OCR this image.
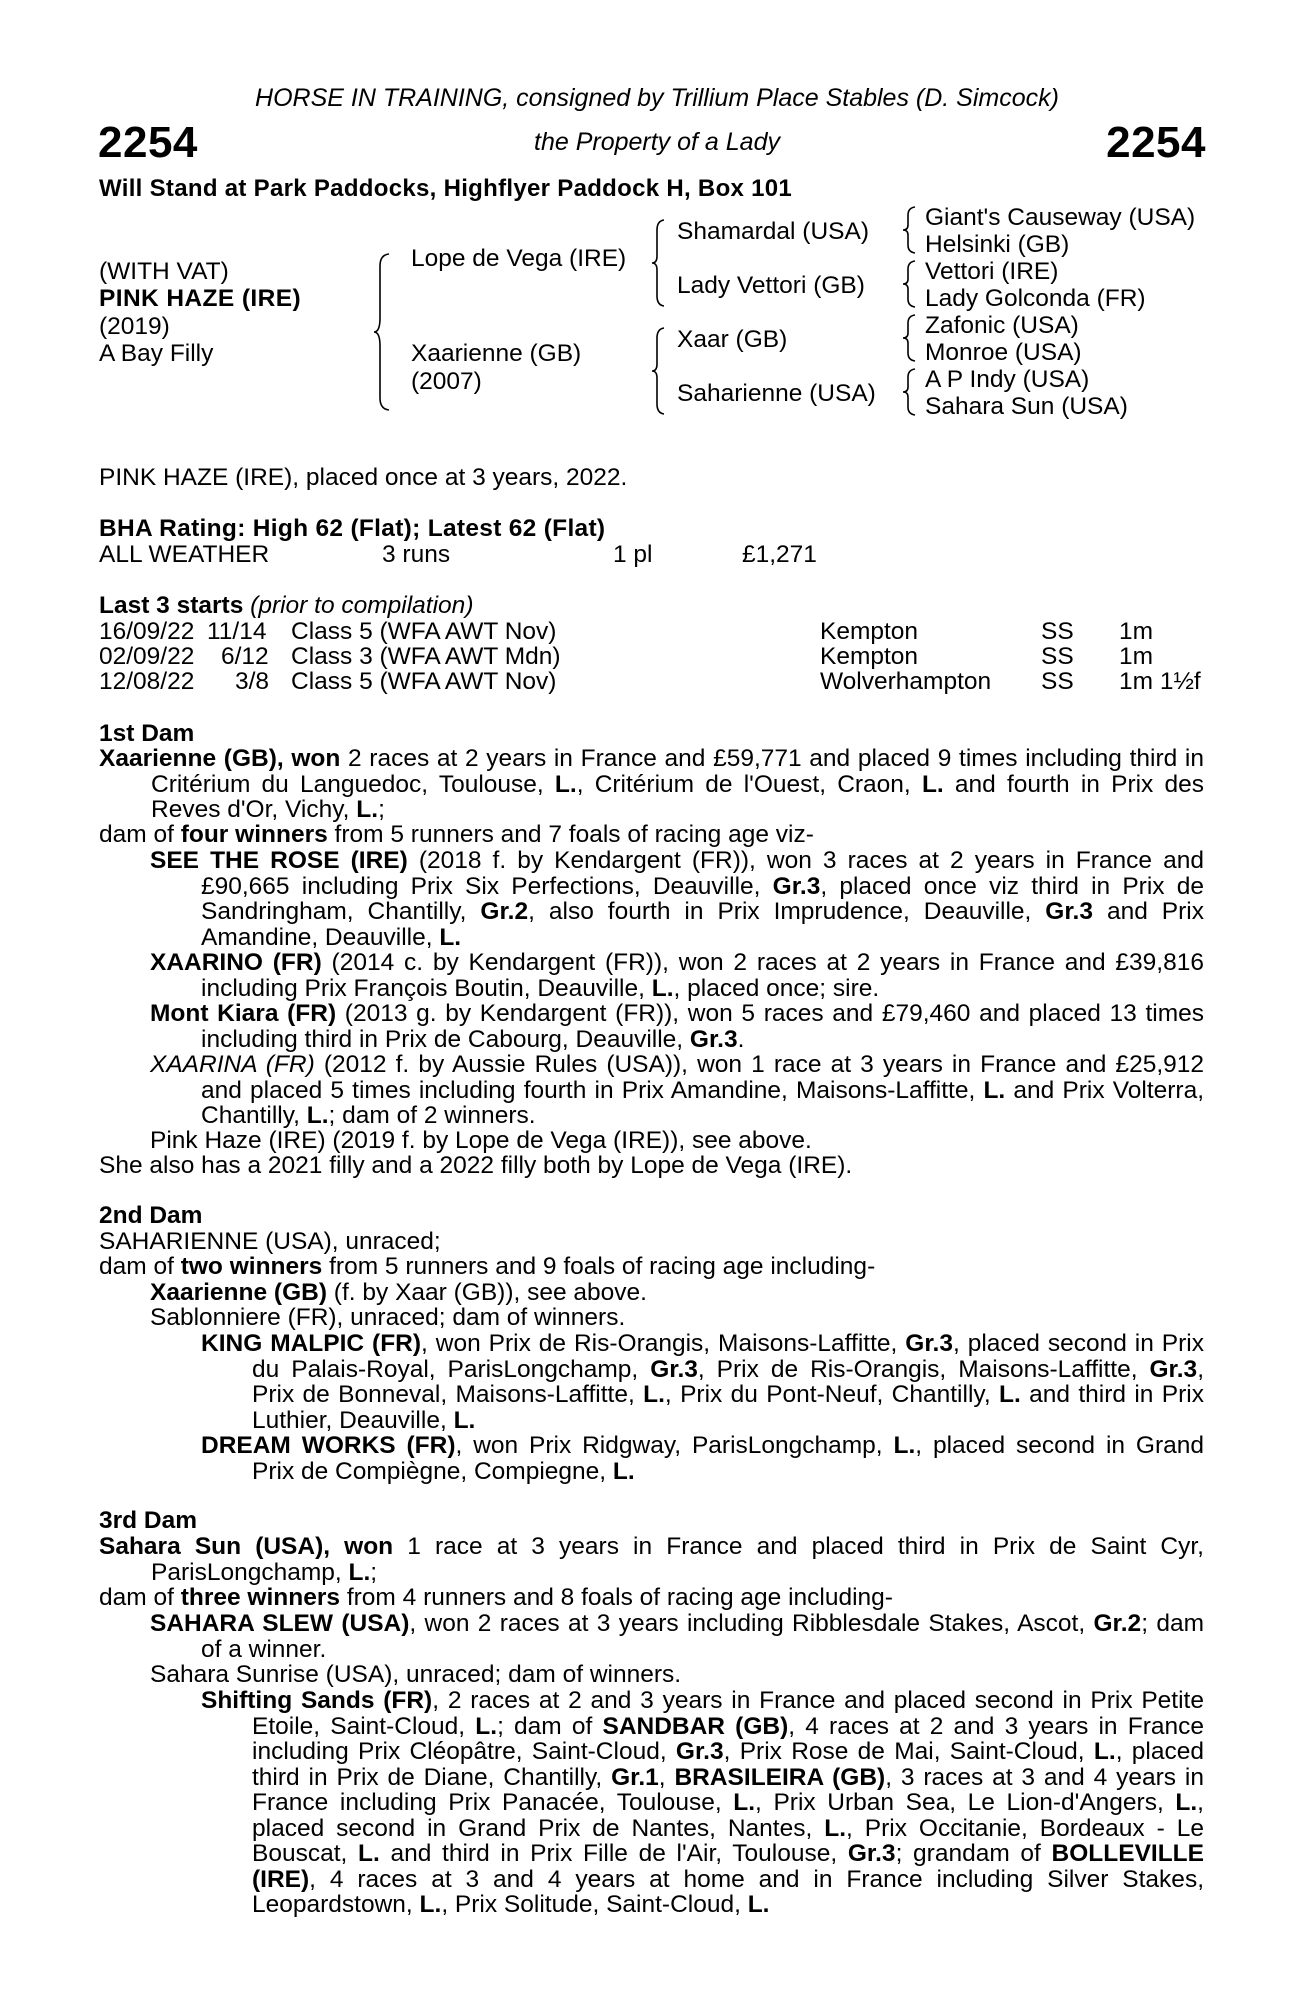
HORSE IN TRAINING, consigned by Trillium Place Stables (D. Simcock)
2254	the Property of a Lady	2254
Will Stand at Park Paddocks, Highflyer Paddock H, Box 101
(WITH VAT)
PINK HAZE (IRE)
(2019)
A Bay Filly
Lope de Vega (IRE)
Xaarienne (GB)
(2007)
Shamardal (USA)
Lady Vettori (GB)
Xaar (GB)
Saharienne (USA)
Giant's Causeway (USA)
Helsinki (GB)
Vettori (IRE)
Lady Golconda (FR)
Zafonic (USA)
Monroe (USA)
A P Indy (USA)
Sahara Sun (USA)
PINK HAZE (IRE), placed once at 3 years, 2022.
BHA Rating: High 62 (Flat); Latest 62 (Flat)
ALL WEATHER	3 runs	1 pl	£1,271
Last 3 starts (prior to compilation)
16/09/22 11/14 Class 5 (WFA AWT Nov)	Kempton	SS 1m
02/09/22 6/12 Class 3 (WFA AWT Mdn)	Kempton	SS 1m
12/08/22 3/8 Class 5 (WFA AWT Nov)	Wolverhampton SS 1m 1½f
1st Dam
Xaarienne (GB), won 2 races at 2 years in France and £59,771 and placed 9 times including third in Critérium du Languedoc, Toulouse, L., Critérium de l'Ouest, Craon, L. and fourth in Prix des Reves d'Or, Vichy, L.;
dam of four winners from 5 runners and 7 foals of racing age viz-
SEE THE ROSE (IRE) (2018 f. by Kendargent (FR)), won 3 races at 2 years in France and £90,665 including Prix Six Perfections, Deauville, Gr.3, placed once viz third in Prix de Sandringham, Chantilly, Gr.2, also fourth in Prix Imprudence, Deauville, Gr.3 and Prix Amandine, Deauville, L.
XAARINO (FR) (2014 c. by Kendargent (FR)), won 2 races at 2 years in France and £39,816 including Prix François Boutin, Deauville, L., placed once; sire.
Mont Kiara (FR) (2013 g. by Kendargent (FR)), won 5 races and £79,460 and placed 13 times including third in Prix de Cabourg, Deauville, Gr.3.
XAARINA (FR) (2012 f. by Aussie Rules (USA)), won 1 race at 3 years in France and £25,912 and placed 5 times including fourth in Prix Amandine, Maisons-Laffitte, L. and Prix Volterra, Chantilly, L.; dam of 2 winners.
Pink Haze (IRE) (2019 f. by Lope de Vega (IRE)), see above.
She also has a 2021 filly and a 2022 filly both by Lope de Vega (IRE).
2nd Dam
SAHARIENNE (USA), unraced;
dam of two winners from 5 runners and 9 foals of racing age including-
Xaarienne (GB) (f. by Xaar (GB)), see above.
Sablonniere (FR), unraced; dam of winners.
KING MALPIC (FR), won Prix de Ris-Orangis, Maisons-Laffitte, Gr.3, placed second in Prix du Palais-Royal, ParisLongchamp, Gr.3, Prix de Ris-Orangis, Maisons-Laffitte, Gr.3, Prix de Bonneval, Maisons-Laffitte, L., Prix du Pont-Neuf, Chantilly, L. and third in Prix Luthier, Deauville, L.
DREAM WORKS (FR), won Prix Ridgway, ParisLongchamp, L., placed second in Grand Prix de Compiègne, Compiegne, L.
3rd Dam
Sahara Sun (USA), won 1 race at 3 years in France and placed third in Prix de Saint Cyr, ParisLongchamp, L.;
dam of three winners from 4 runners and 8 foals of racing age including-
SAHARA SLEW (USA), won 2 races at 3 years including Ribblesdale Stakes, Ascot, Gr.2; dam of a winner.
Sahara Sunrise (USA), unraced; dam of winners.
Shifting Sands (FR), 2 races at 2 and 3 years in France and placed second in Prix Petite Etoile, Saint-Cloud, L.; dam of SANDBAR (GB), 4 races at 2 and 3 years in France including Prix Cléopâtre, Saint-Cloud, Gr.3, Prix Rose de Mai, Saint-Cloud, L., placed third in Prix de Diane, Chantilly, Gr.1, BRASILEIRA (GB), 3 races at 3 and 4 years in France including Prix Panacée, Toulouse, L., Prix Urban Sea, Le Lion-d'Angers, L., placed second in Grand Prix de Nantes, Nantes, L., Prix Occitanie, Bordeaux - Le Bouscat, L. and third in Prix Fille de l'Air, Toulouse, Gr.3; grandam of BOLLEVILLE (IRE), 4 races at 3 and 4 years at home and in France including Silver Stakes, Leopardstown, L., Prix Solitude, Saint-Cloud, L.
